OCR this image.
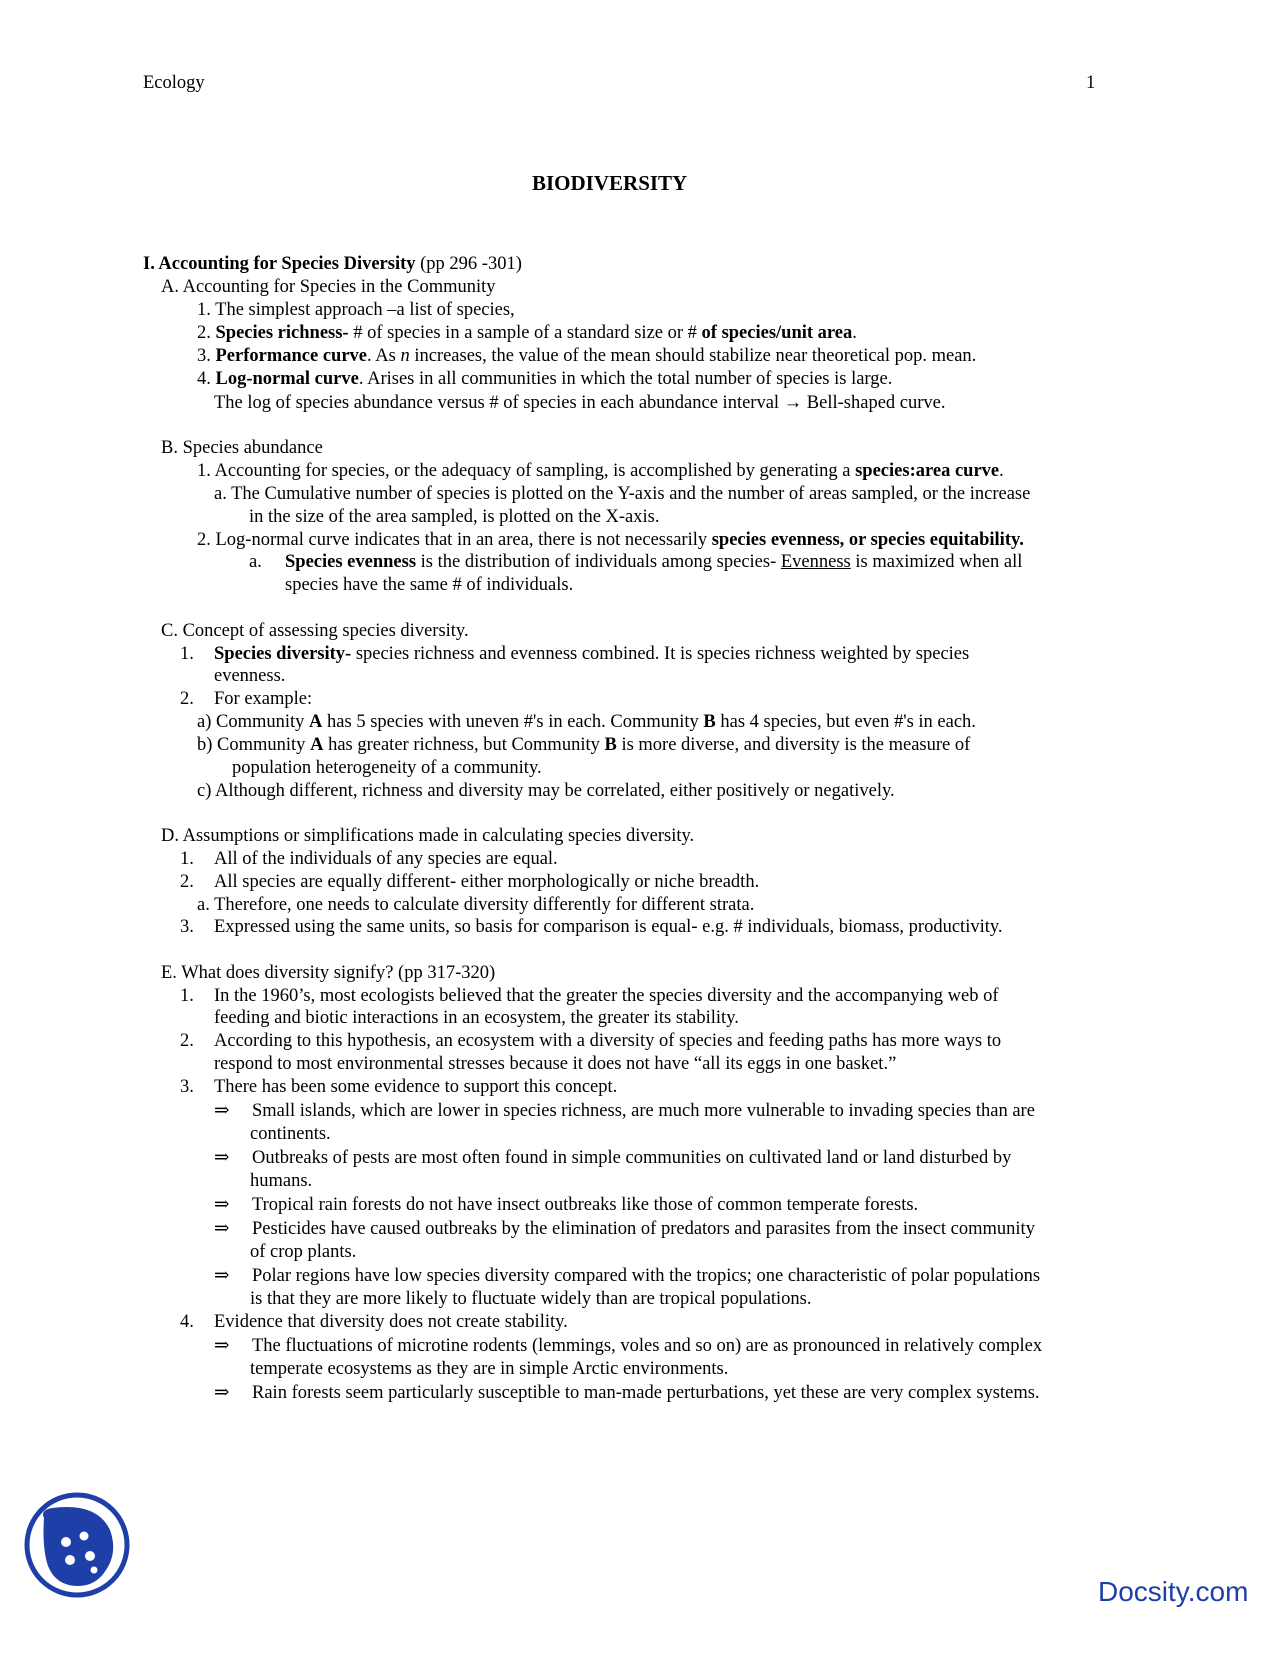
Ecology	1
BIODIVERSITY
I. Accounting for Species Diversity (pp 296 -301)
A. Accounting for Species in the Community
1. The simplest approach –a list of species,
2. Species richness- # of species in a sample of a standard size or # of species/unit area.
3. Performance curve. As n increases, the value of the mean should stabilize near theoretical pop. mean.
4. Log-normal curve. Arises in all communities in which the total number of species is large.
The log of species abundance versus # of species in each abundance interval → Bell-shaped curve.
B. Species abundance
1. Accounting for species, or the adequacy of sampling, is accomplished by generating a species:area curve.
a. The Cumulative number of species is plotted on the Y-axis and the number of areas sampled, or the increase
in the size of the area sampled, is plotted on the X-axis.
2. Log-normal curve indicates that in an area, there is not necessarily species evenness, or species equitability.
a. Species evenness is the distribution of individuals among species- Evenness is maximized when all
species have the same # of individuals.
C. Concept of assessing species diversity.
1. Species diversity- species richness and evenness combined. It is species richness weighted by species
evenness.
2. For example:
a) Community A has 5 species with uneven #'s in each. Community B has 4 species, but even #'s in each.
b) Community A has greater richness, but Community B is more diverse, and diversity is the measure of
population heterogeneity of a community.
c) Although different, richness and diversity may be correlated, either positively or negatively.
D. Assumptions or simplifications made in calculating species diversity.
1. All of the individuals of any species are equal.
2. All species are equally different- either morphologically or niche breadth.
a. Therefore, one needs to calculate diversity differently for different strata.
3. Expressed using the same units, so basis for comparison is equal- e.g. # individuals, biomass, productivity.
E. What does diversity signify? (pp 317-320)
1. In the 1960’s, most ecologists believed that the greater the species diversity and the accompanying web of
feeding and biotic interactions in an ecosystem, the greater its stability.
2. According to this hypothesis, an ecosystem with a diversity of species and feeding paths has more ways to
respond to most environmental stresses because it does not have “all its eggs in one basket.”
3. There has been some evidence to support this concept.
⇒ Small islands, which are lower in species richness, are much more vulnerable to invading species than are
continents.
⇒ Outbreaks of pests are most often found in simple communities on cultivated land or land disturbed by
humans.
⇒ Tropical rain forests do not have insect outbreaks like those of common temperate forests.
⇒ Pesticides have caused outbreaks by the elimination of predators and parasites from the insect community
of crop plants.
⇒ Polar regions have low species diversity compared with the tropics; one characteristic of polar populations
is that they are more likely to fluctuate widely than are tropical populations.
4. Evidence that diversity does not create stability.
⇒ The fluctuations of microtine rodents (lemmings, voles and so on) are as pronounced in relatively complex
temperate ecosystems as they are in simple Arctic environments.
⇒ Rain forests seem particularly susceptible to man-made perturbations, yet these are very complex systems.
Docsity.com
